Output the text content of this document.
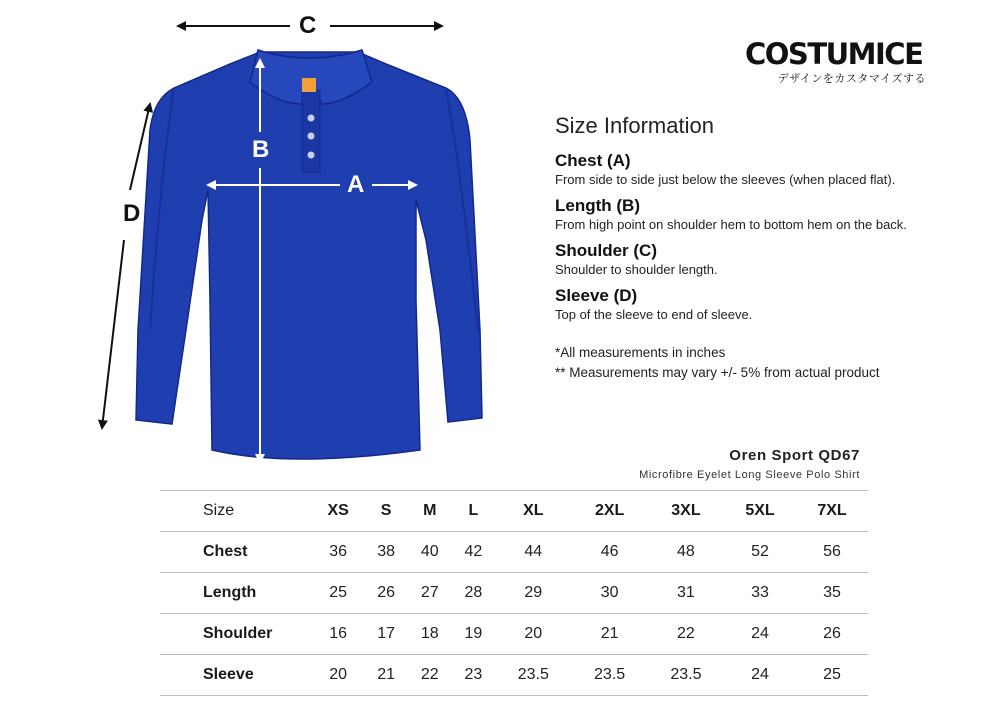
C
D
B
A
COSTUMICE
デザインをカスタマイズする
Size Information
Chest (A)
From side to side just below the sleeves (when placed flat).
Length (B)
From high point on shoulder hem to bottom hem on the back.
Shoulder (C)
Shoulder to shoulder length.
Sleeve (D)
Top of the sleeve to end of sleeve.
*All measurements in inches
** Measurements may vary +/- 5% from actual product
Oren Sport QD67
Microfibre Eyelet Long Sleeve Polo Shirt
Size	XS	S	M	L	XL	2XL	3XL	5XL	7XL
Chest	36	38	40	42	44	46	48	52	56
Length	25	26	27	28	29	30	31	33	35
Shoulder	16	17	18	19	20	21	22	24	26
Sleeve	20	21	22	23	23.5	23.5	23.5	24	25
